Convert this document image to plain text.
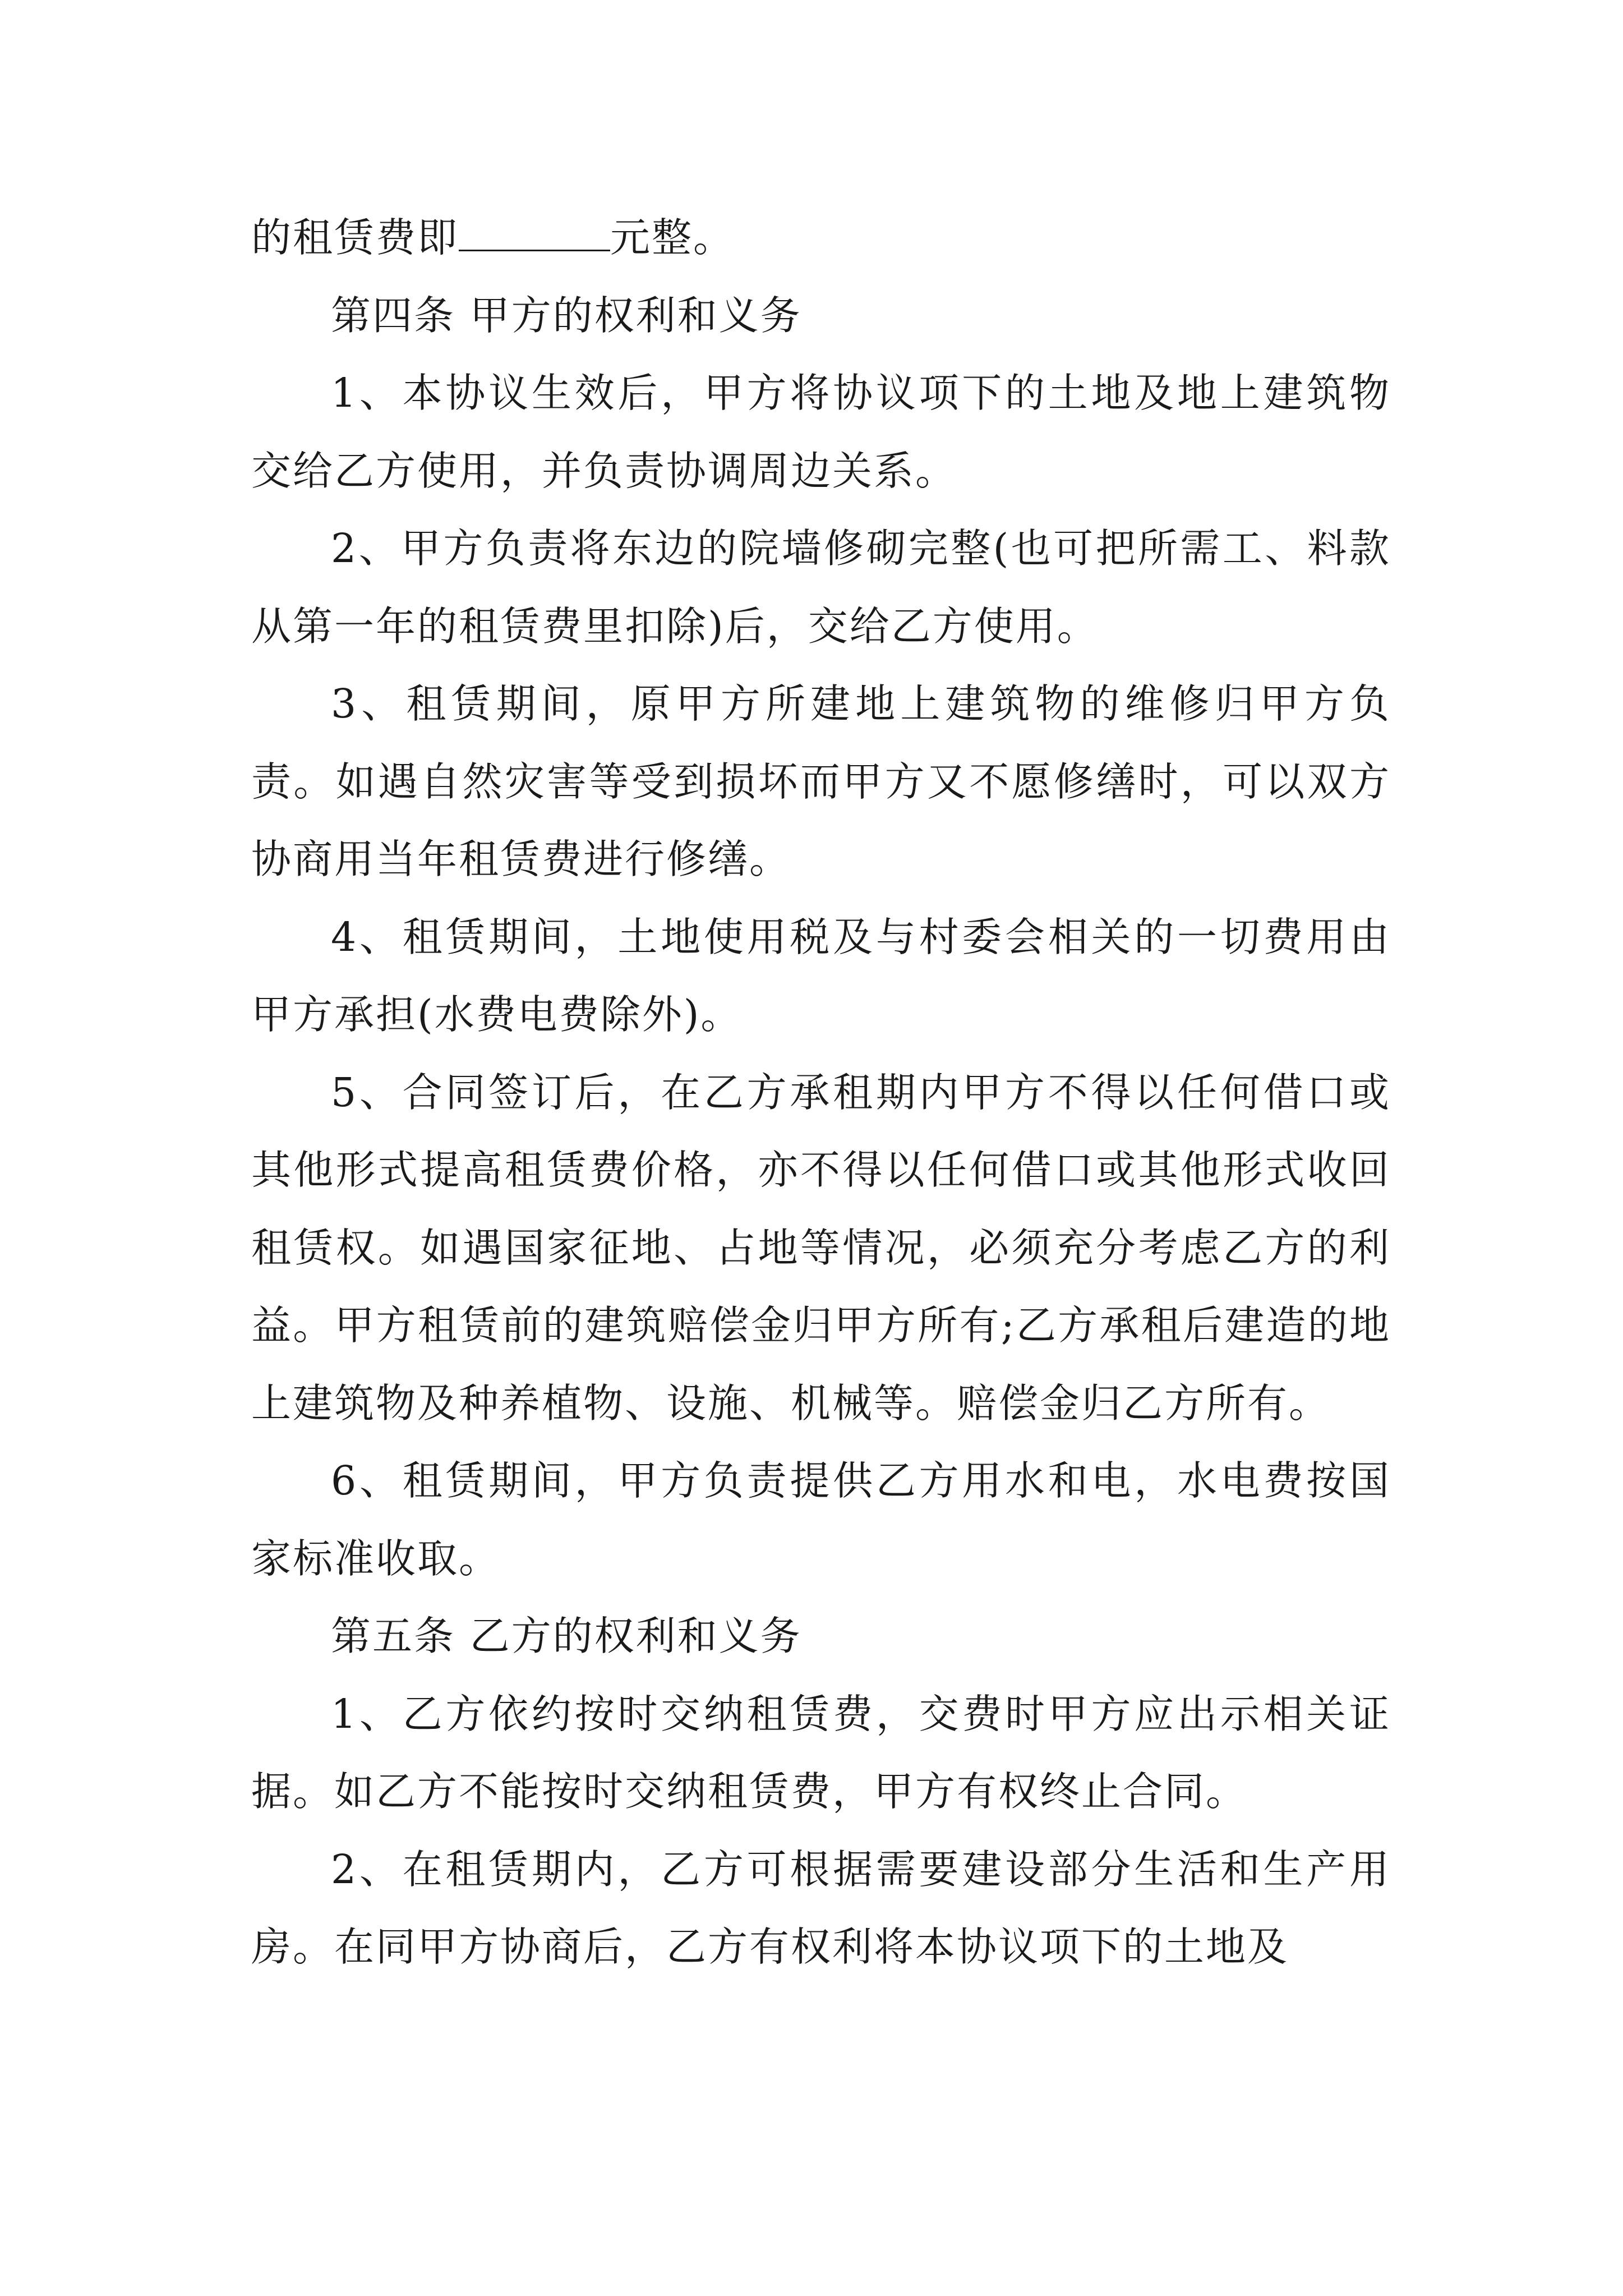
的租赁费即	元整。

第四条 甲方的权利和义务

1、本协议生效后，甲方将协议项下的土地及地上建筑物交给乙方使用，并负责协调周边关系。

2、甲方负责将东边的院墙修砌完整(也可把所需工、料款从第一年的租赁费里扣除)后，交给乙方使用。

3、租赁期间，原甲方所建地上建筑物的维修归甲方负责。如遇自然灾害等受到损坏而甲方又不愿修缮时，可以双方协商用当年租赁费进行修缮。

4、租赁期间，土地使用税及与村委会相关的一切费用由甲方承担(水费电费除外)。

5、合同签订后，在乙方承租期内甲方不得以任何借口或其他形式提高租赁费价格，亦不得以任何借口或其他形式收回租赁权。如遇国家征地、占地等情况，必须充分考虑乙方的利益。甲方租赁前的建筑赔偿金归甲方所有;乙方承租后建造的地上建筑物及种养植物、设施、机械等。赔偿金归乙方所有。

6、租赁期间，甲方负责提供乙方用水和电，水电费按国家标准收取。

第五条 乙方的权利和义务

1、乙方依约按时交纳租赁费，交费时甲方应出示相关证据。如乙方不能按时交纳租赁费，甲方有权终止合同。

2、在租赁期内，乙方可根据需要建设部分生活和生产用房。在同甲方协商后，乙方有权利将本协议项下的土地及
